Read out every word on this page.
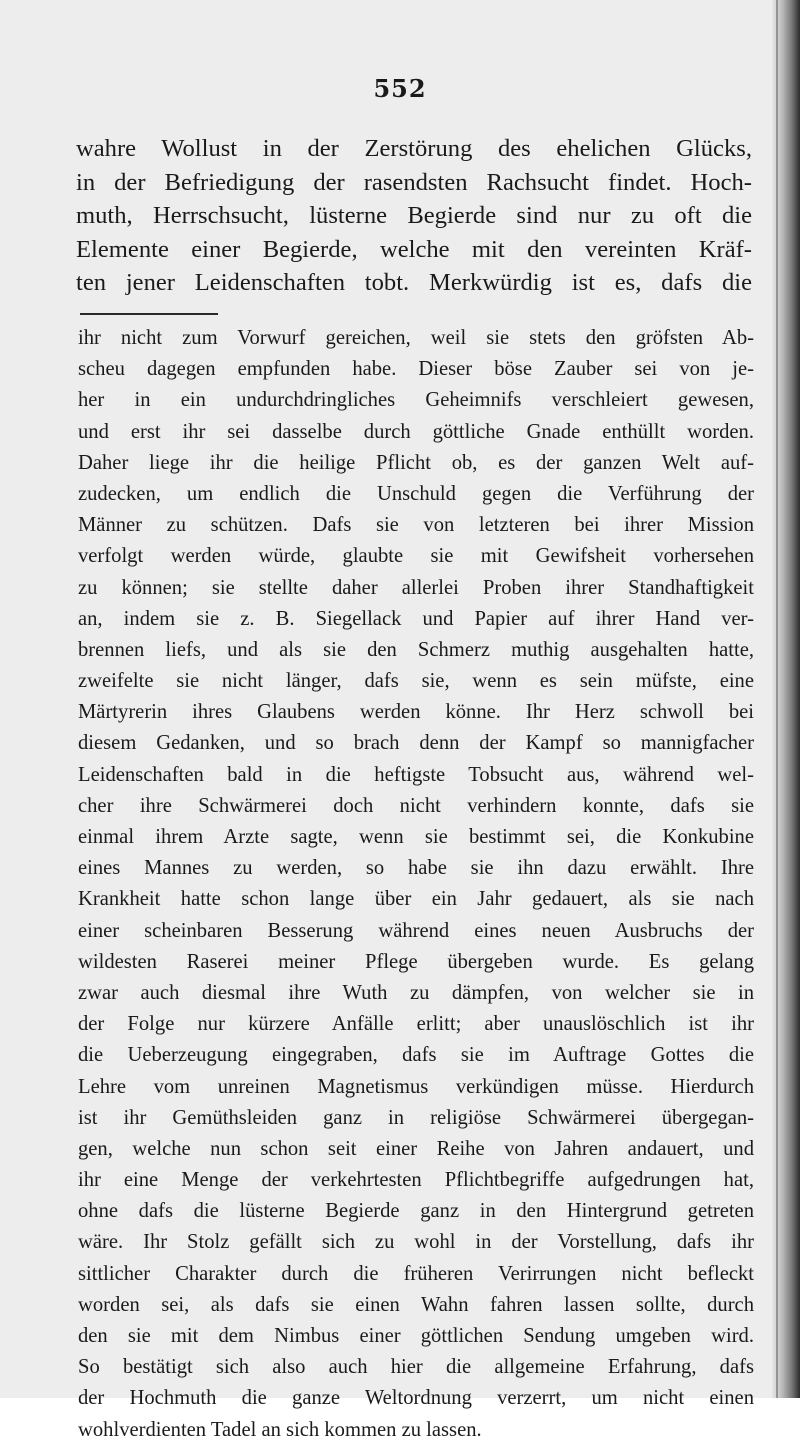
552
wahre Wollust in der Zerstörung des ehelichen Glücks,
in der Befriedigung der rasendsten Rachsucht findet. Hoch-
muth, Herrschsucht, lüsterne Begierde sind nur zu oft die
Elemente einer Begierde, welche mit den vereinten Kräf-
ten jener Leidenschaften tobt. Merkwürdig ist es, dafs die
ihr nicht zum Vorwurf gereichen, weil sie stets den gröfsten Ab-
scheu dagegen empfunden habe. Dieser böse Zauber sei von je-
her in ein undurchdringliches Geheimnifs verschleiert gewesen,
und erst ihr sei dasselbe durch göttliche Gnade enthüllt worden.
Daher liege ihr die heilige Pflicht ob, es der ganzen Welt auf-
zudecken, um endlich die Unschuld gegen die Verführung der
Männer zu schützen. Dafs sie von letzteren bei ihrer Mission
verfolgt werden würde, glaubte sie mit Gewifsheit vorhersehen
zu können; sie stellte daher allerlei Proben ihrer Standhaftigkeit
an, indem sie z. B. Siegellack und Papier auf ihrer Hand ver-
brennen liefs, und als sie den Schmerz muthig ausgehalten hatte,
zweifelte sie nicht länger, dafs sie, wenn es sein müfste, eine
Märtyrerin ihres Glaubens werden könne. Ihr Herz schwoll bei
diesem Gedanken, und so brach denn der Kampf so mannigfacher
Leidenschaften bald in die heftigste Tobsucht aus, während wel-
cher ihre Schwärmerei doch nicht verhindern konnte, dafs sie
einmal ihrem Arzte sagte, wenn sie bestimmt sei, die Konkubine
eines Mannes zu werden, so habe sie ihn dazu erwählt. Ihre
Krankheit hatte schon lange über ein Jahr gedauert, als sie nach
einer scheinbaren Besserung während eines neuen Ausbruchs der
wildesten Raserei meiner Pflege übergeben wurde. Es gelang
zwar auch diesmal ihre Wuth zu dämpfen, von welcher sie in
der Folge nur kürzere Anfälle erlitt; aber unauslöschlich ist ihr
die Ueberzeugung eingegraben, dafs sie im Auftrage Gottes die
Lehre vom unreinen Magnetismus verkündigen müsse. Hierdurch
ist ihr Gemüthsleiden ganz in religiöse Schwärmerei übergegan-
gen, welche nun schon seit einer Reihe von Jahren andauert, und
ihr eine Menge der verkehrtesten Pflichtbegriffe aufgedrungen hat,
ohne dafs die lüsterne Begierde ganz in den Hintergrund getreten
wäre. Ihr Stolz gefällt sich zu wohl in der Vorstellung, dafs ihr
sittlicher Charakter durch die früheren Verirrungen nicht befleckt
worden sei, als dafs sie einen Wahn fahren lassen sollte, durch
den sie mit dem Nimbus einer göttlichen Sendung umgeben wird.
So bestätigt sich also auch hier die allgemeine Erfahrung, dafs
der Hochmuth die ganze Weltordnung verzerrt, um nicht einen
wohlverdienten Tadel an sich kommen zu lassen.
